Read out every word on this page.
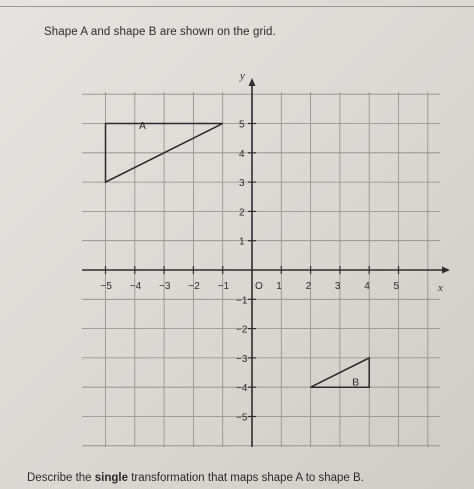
Shape A and shape B are shown on the grid.
x
y
−5 −4 −3 −2 −1	O 1 2 3 4 5
5
4
3
2
1
−1
−2
−3
−4
−5
A
B
Describe the single transformation that maps shape A to shape B.
